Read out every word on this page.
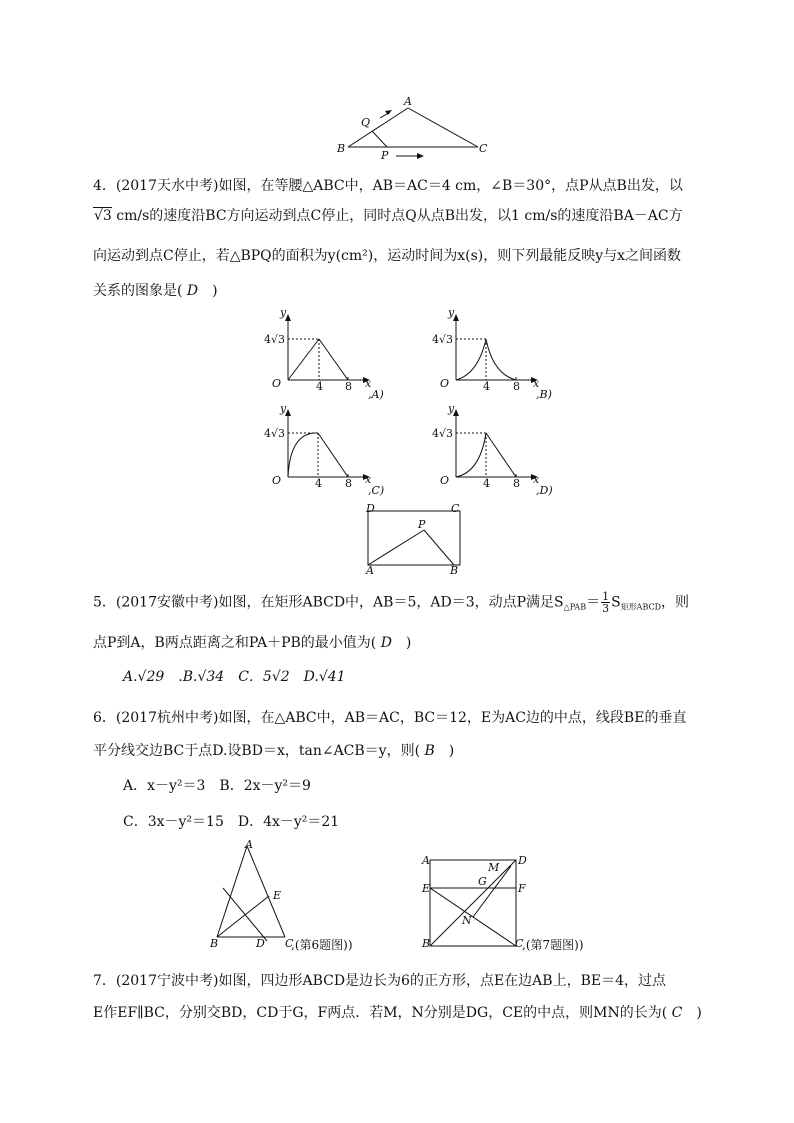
A
B	C
P
Q
4．(2017天水中考)如图，在等腰△ABC中，AB＝AC＝4 cm，∠B＝30°，点P从点B出发，以
√3 cm/s的速度沿BC方向运动到点C停止，同时点Q从点B出发，以1 cm/s的速度沿BA－AC方
向运动到点C停止，若△BPQ的面积为y(cm²)，运动时间为x(s)，则下列最能反映y与x之间函数
关系的图象是( D　 )
y
4√3
O	4 8 x
,A)
y
4√3
O	4 8 x
,B)
y
4√3
O	4 8 x
,C)
y
4√3
O	4 8 x
,D)
D	C
A	B
P
5．(2017安徽中考)如图，在矩形ABCD中，AB＝5，AD＝3，动点P满足$S_{\triangle PAB}= \frac{1}{3} S_{矩形ABCD}$，则
点P到A，B两点距离之和PA＋PB的最小值为( D　 )
A.√29　.B.√34　C．5√2　D.√41
6．(2017杭州中考)如图，在△ABC中，AB＝AC，BC＝12，E为AC边的中点，线段BE的垂直
平分线交边BC于点D.设BD＝x，tan∠ACB＝y，则( B　 )
A．x－y²＝3　B．2x－y²＝9
C．3x－y²＝15　D．4x－y²＝21
A
E
B	D C
,(第6题图))
A	D
E	F
G
M
N
B	C
,(第7题图))
7．(2017宁波中考)如图，四边形ABCD是边长为6的正方形，点E在边AB上，BE＝4，过点
E作EF∥BC，分别交BD，CD于G，F两点．若M，N分别是DG，CE的中点，则MN的长为( C　 )
